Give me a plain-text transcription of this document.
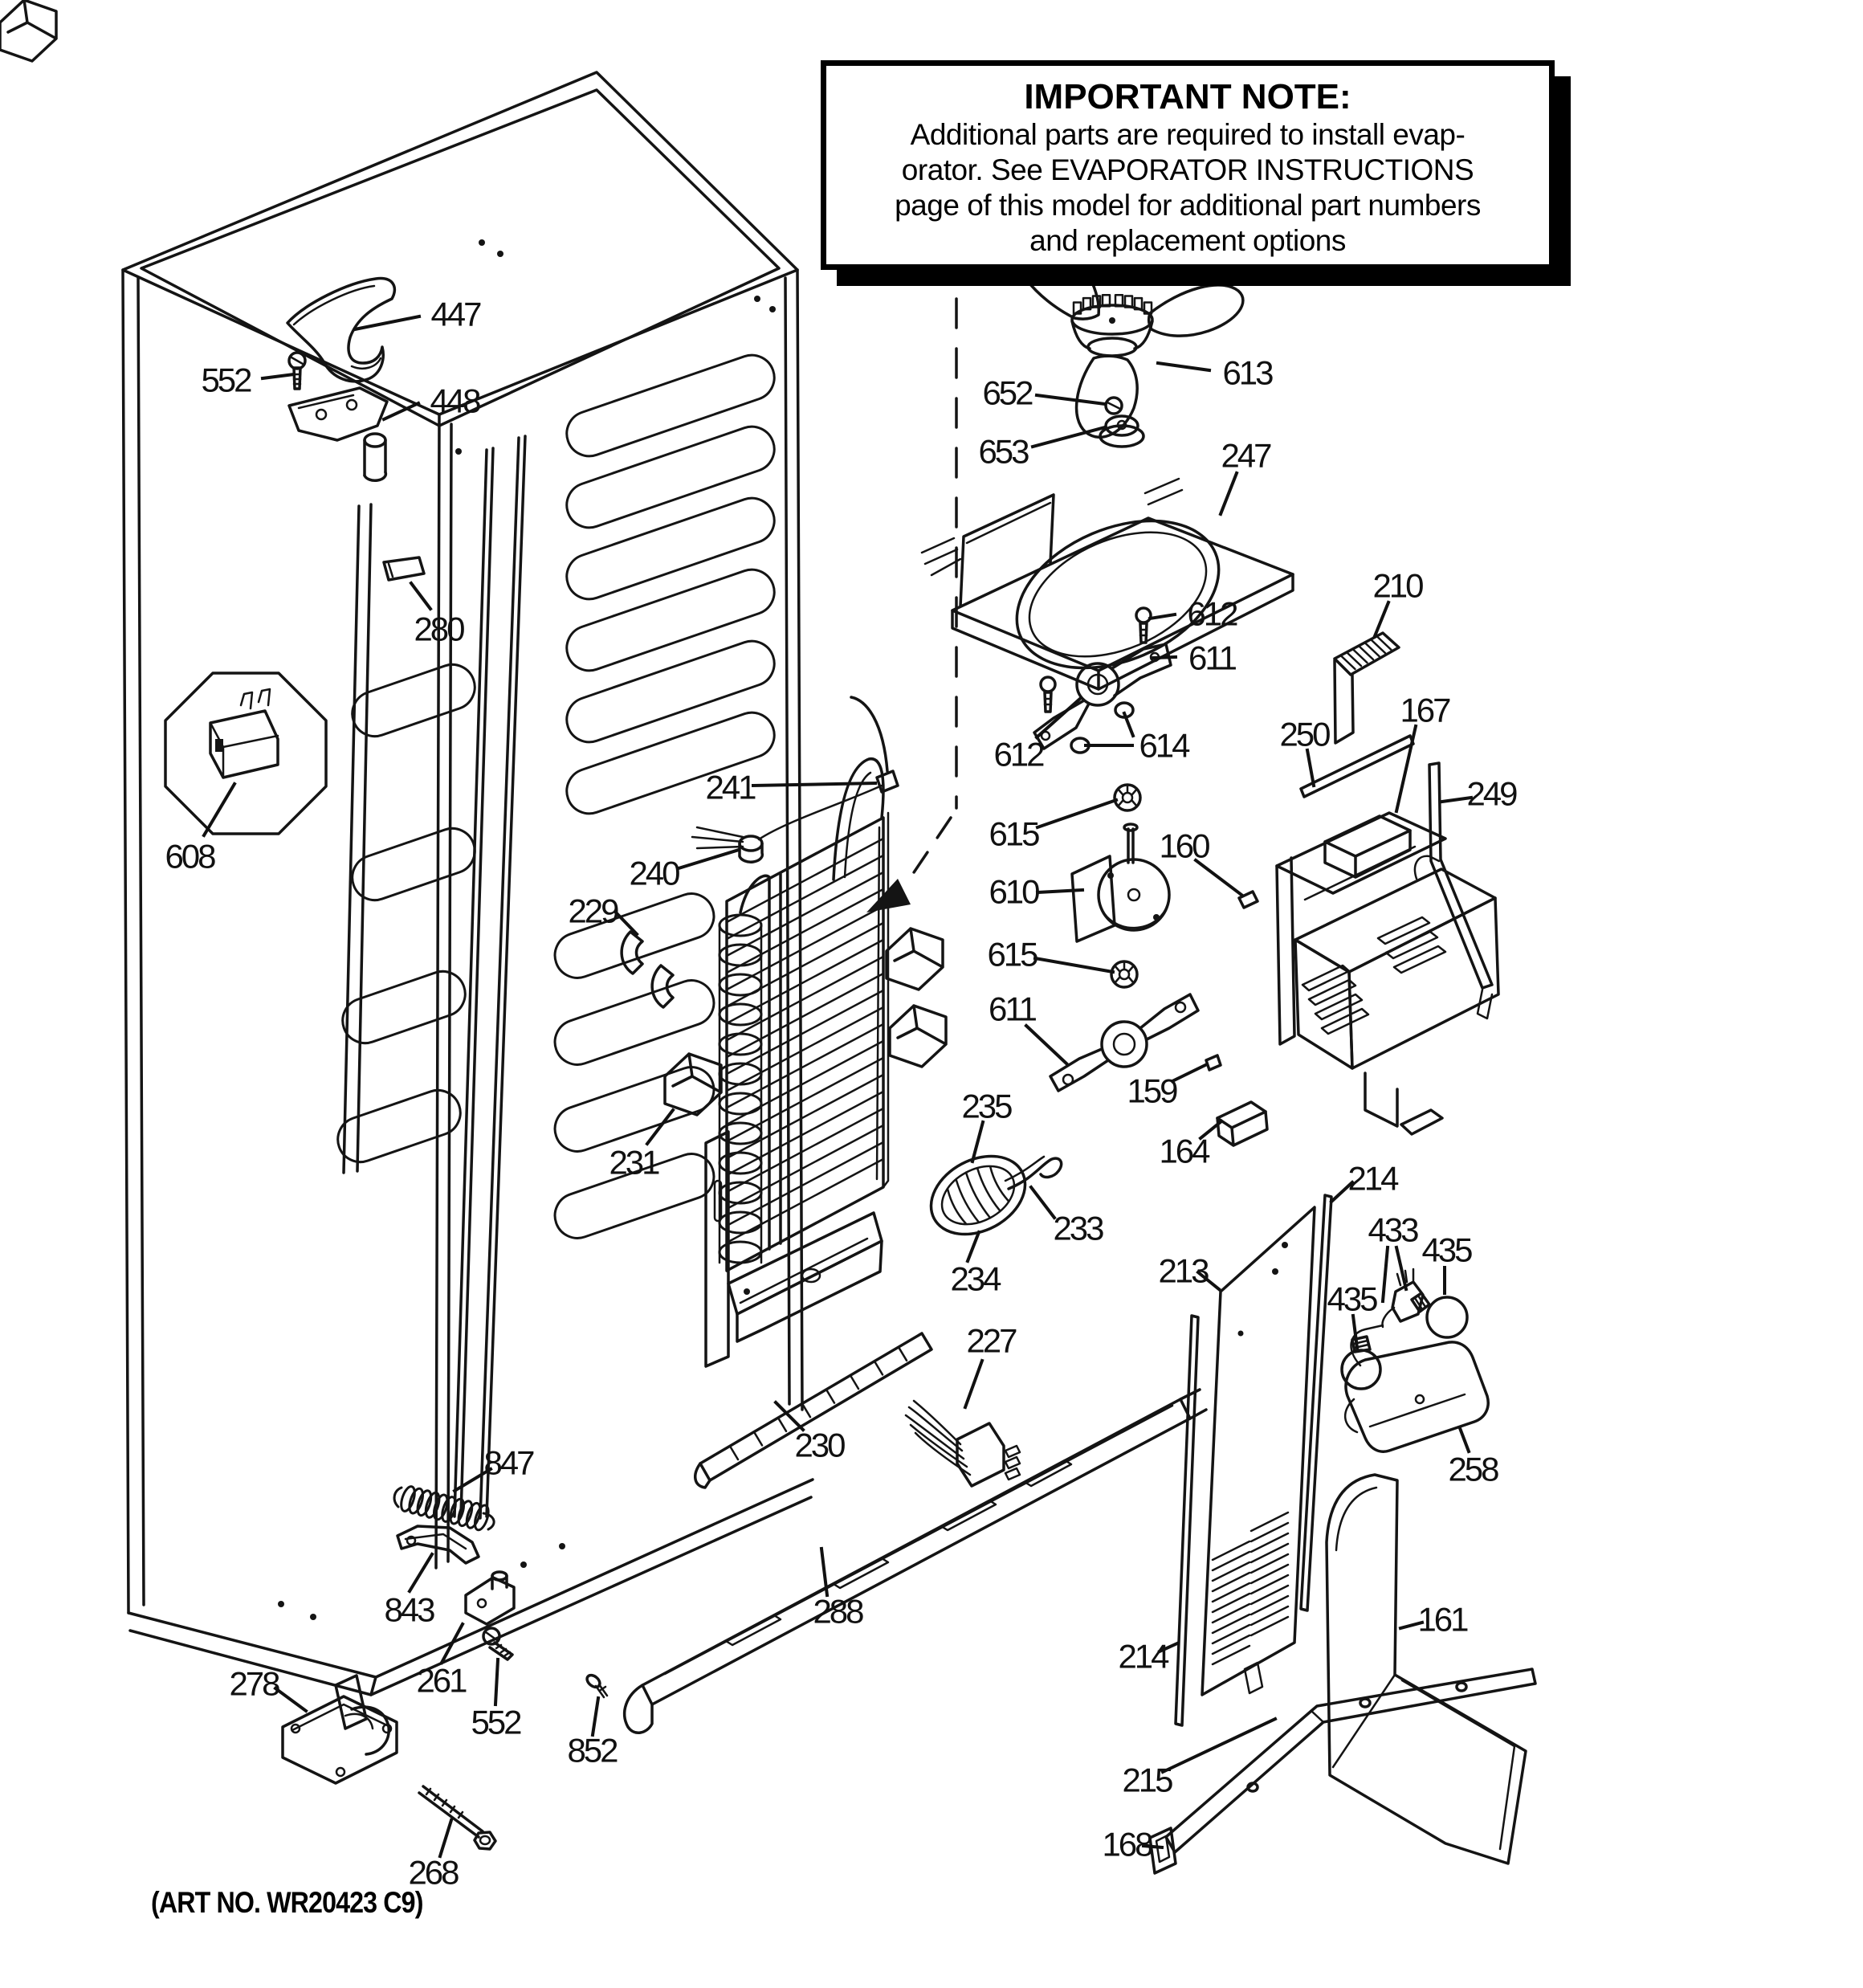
447
552
448
280
608
613
652
653	247
612
611
612	614
210
167
249
250
160
615
610
615
611
159
164
241
240
229
231
235
233
234
227
230
288
847
843
261
552
852
278
268
213
214
433
435
435
258
161
214
215
168
IMPORTANT NOTE:
Additional parts are required to install evap-
orator. See EVAPORATOR INSTRUCTIONS
page of this model for additional part numbers
and replacement options
(ART NO. WR20423 C9)
